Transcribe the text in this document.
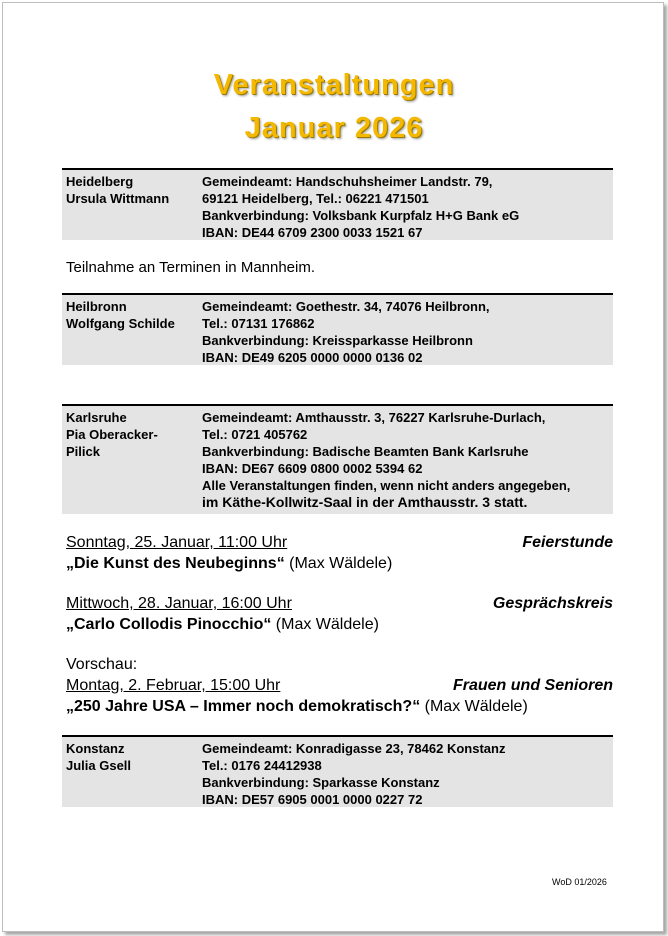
Veranstaltungen
Januar 2026
Heidelberg
Ursula Wittmann
Gemeindeamt: Handschuhsheimer Landstr. 79,
69121 Heidelberg, Tel.: 06221 471501
Bankverbindung: Volksbank Kurpfalz H+G Bank eG
IBAN: DE44 6709 2300 0033 1521 67
Teilnahme an Terminen in Mannheim.
Heilbronn
Wolfgang Schilde
Gemeindeamt: Goethestr. 34, 74076 Heilbronn,
Tel.: 07131 176862
Bankverbindung: Kreissparkasse Heilbronn
IBAN: DE49 6205 0000 0000 0136 02
Karlsruhe
Pia Oberacker-
Pilick
Gemeindeamt: Amthausstr. 3, 76227 Karlsruhe-Durlach,
Tel.: 0721 405762
Bankverbindung: Badische Beamten Bank Karlsruhe
IBAN: DE67 6609 0800 0002 5394 62
Alle Veranstaltungen finden, wenn nicht anders angegeben,
im Käthe-Kollwitz-Saal in der Amthausstr. 3 statt.
Sonntag, 25. Januar, 11:00 Uhr	Feierstunde
„Die Kunst des Neubeginns“ (Max Wäldele)
Mittwoch, 28. Januar, 16:00 Uhr	Gesprächskreis
„Carlo Collodis Pinocchio“ (Max Wäldele)
Vorschau:
Montag, 2. Februar, 15:00 Uhr	Frauen und Senioren
„250 Jahre USA – Immer noch demokratisch?“ (Max Wäldele)
Konstanz
Julia Gsell
Gemeindeamt: Konradigasse 23, 78462 Konstanz
Tel.: 0176 24412938
Bankverbindung: Sparkasse Konstanz
IBAN: DE57 6905 0001 0000 0227 72
WoD 01/2026
